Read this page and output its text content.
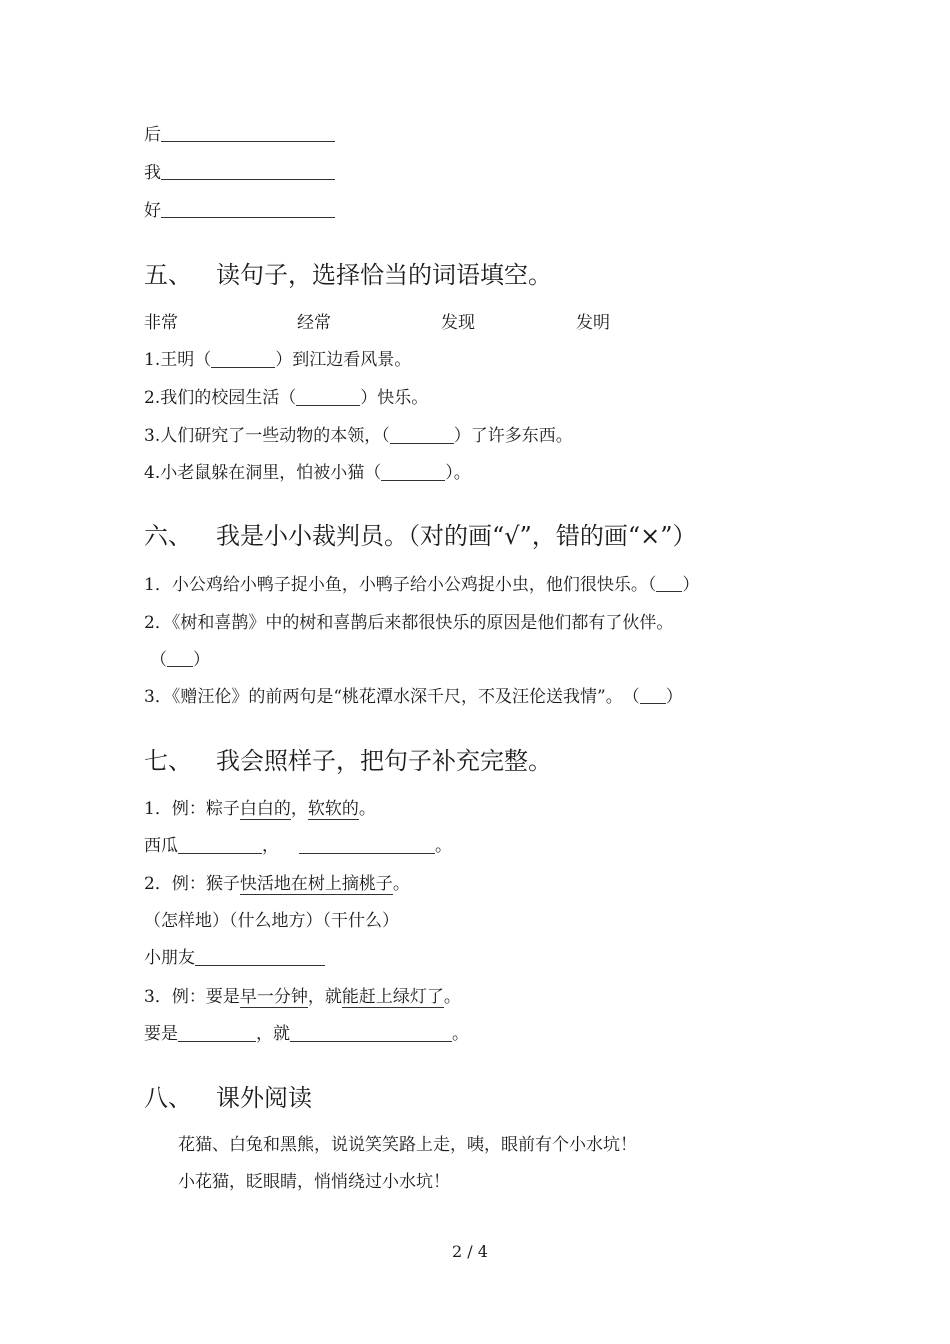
后
我
好
五、 读句子，选择恰当的词语填空。
非常	经常	发现	发明
1.王明（	）到江边看风景。
2.我们的校园生活（	）快乐。
3.人们研究了一些动物的本领，（	）了许多东西。
4.小老鼠躲在洞里，怕被小猫（	）。
六、 我是小小裁判员。（对的画“√”，错的画“×”）
1．小公鸡给小鸭子捉小鱼，小鸭子给小公鸡捉小虫，他们很快乐。（ ）
2．《树和喜鹊》中的树和喜鹊后来都很快乐的原因是他们都有了伙伴。
（ ）
3．《赠汪伦》的前两句是“桃花潭水深千尺，不及汪伦送我情”。　（ ）
七、 我会照样子，把句子补充完整。
1．例：粽子白白的，软软的。
西瓜	，	。
2．例：猴子快活地在树上摘桃子。
（怎样地）（什么地方）（干什么）
小朋友
3．例：要是早一分钟，就能赶上绿灯了。
要是	，就	。
八、 课外阅读
花猫、白兔和黑熊，说说笑笑路上走，咦，眼前有个小水坑！
小花猫，眨眼睛，悄悄绕过小水坑！
2 / 4
